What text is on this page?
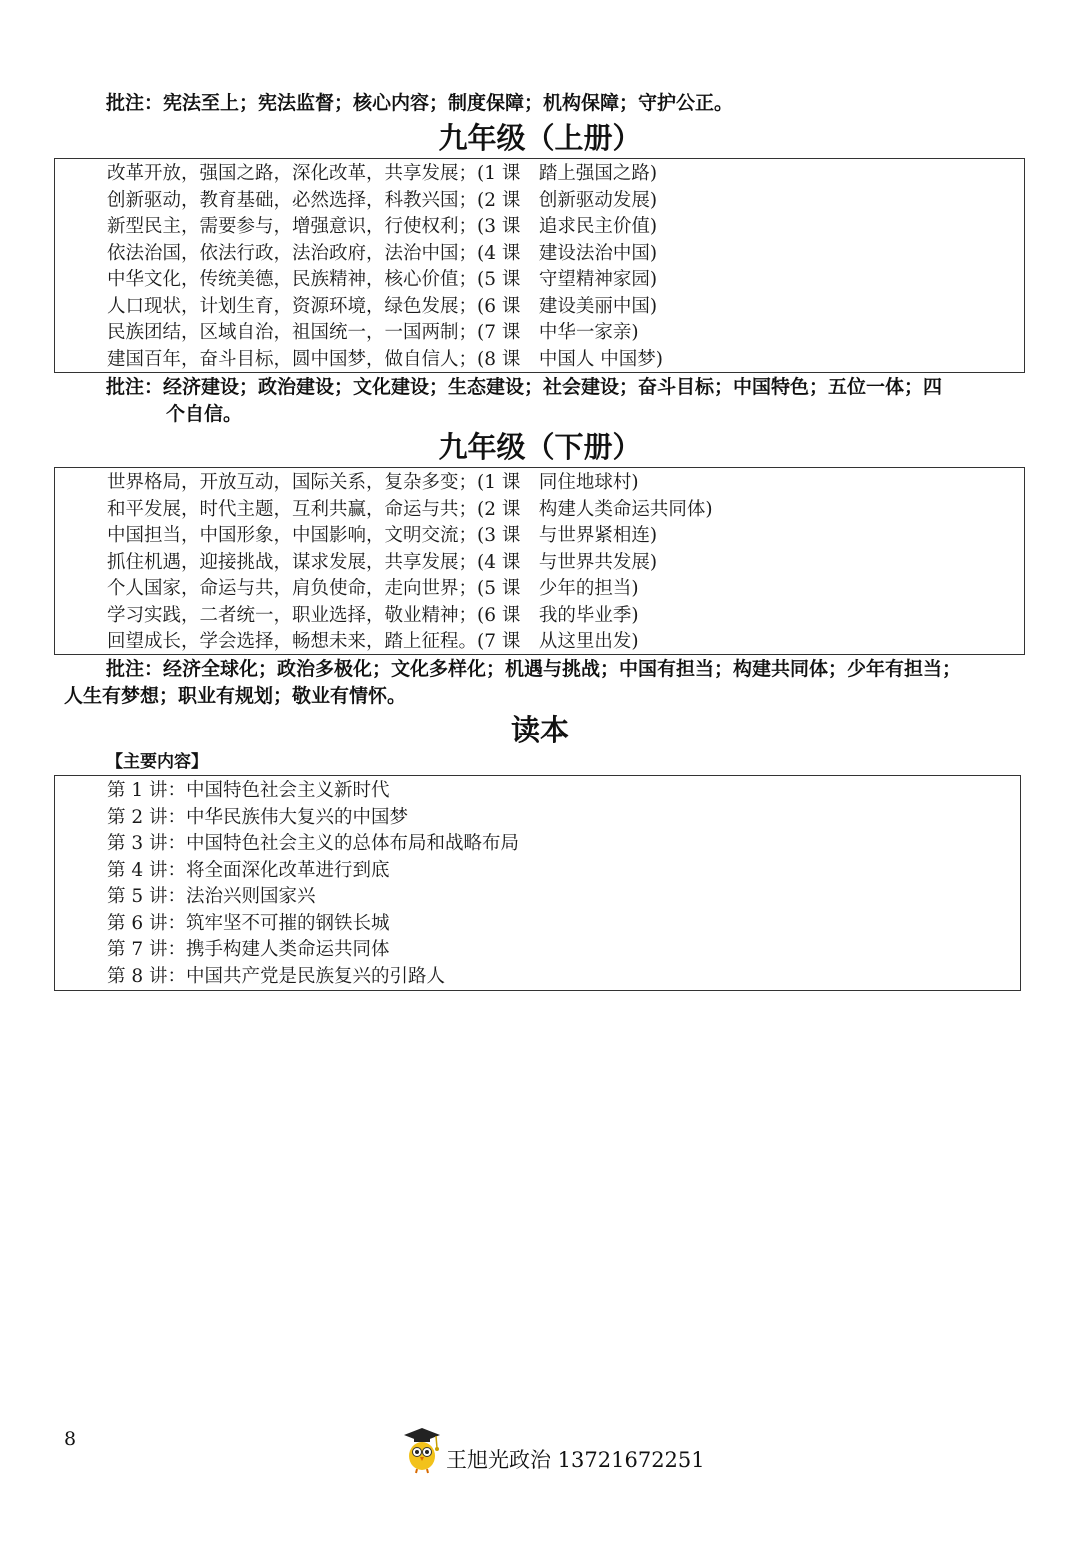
批注：宪法至上；宪法监督；核心内容；制度保障；机构保障；守护公正。
九年级（上册）
改革开放，强国之路，深化改革，共享发展；(1 课　踏上强国之路)
创新驱动，教育基础，必然选择，科教兴国；(2 课　创新驱动发展)
新型民主，需要参与，增强意识，行使权利；(3 课　追求民主价值)
依法治国，依法行政，法治政府，法治中国；(4 课　建设法治中国)
中华文化，传统美德，民族精神，核心价值；(5 课　守望精神家园)
人口现状，计划生育，资源环境，绿色发展；(6 课　建设美丽中国)
民族团结，区域自治，祖国统一，一国两制；(7 课　中华一家亲)
建国百年，奋斗目标，圆中国梦，做自信人；(8 课　中国人 中国梦)
批注：经济建设；政治建设；文化建设；生态建设；社会建设；奋斗目标；中国特色；五位一体；四
个自信。
九年级（下册）
世界格局，开放互动，国际关系，复杂多变；(1 课　同住地球村)
和平发展，时代主题，互利共赢，命运与共；(2 课　构建人类命运共同体)
中国担当，中国形象，中国影响，文明交流；(3 课　与世界紧相连)
抓住机遇，迎接挑战，谋求发展，共享发展；(4 课　与世界共发展)
个人国家，命运与共，肩负使命，走向世界；(5 课　少年的担当)
学习实践，二者统一，职业选择，敬业精神；(6 课　我的毕业季)
回望成长，学会选择，畅想未来，踏上征程。(7 课　从这里出发)
批注：经济全球化；政治多极化；文化多样化；机遇与挑战；中国有担当；构建共同体；少年有担当；
人生有梦想；职业有规划；敬业有情怀。
读本
【主要内容】
第 1 讲：中国特色社会主义新时代
第 2 讲：中华民族伟大复兴的中国梦
第 3 讲：中国特色社会主义的总体布局和战略布局
第 4 讲：将全面深化改革进行到底
第 5 讲：法治兴则国家兴
第 6 讲：筑牢坚不可摧的钢铁长城
第 7 讲：携手构建人类命运共同体
第 8 讲：中国共产党是民族复兴的引路人
8
王旭光政治 13721672251
